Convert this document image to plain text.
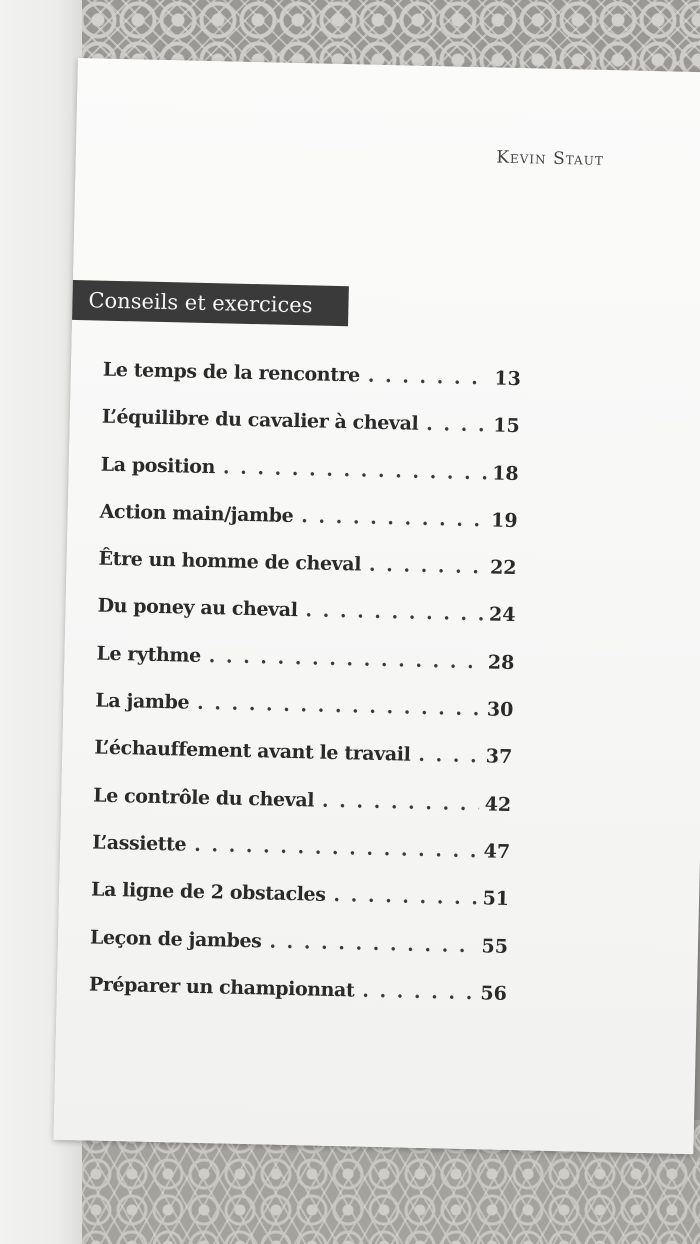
Kevin Staut
Conseils et exercices
Le temps de la rencontre . . .	13
L’équilibre du cavalier à cheval . . .	15
La position . . .	18
Action main/jambe . . .	19
Être un homme de cheval . . .	22
Du poney au cheval . . .	24
Le rythme . . .	28
La jambe . . .	30
L’échauffement avant le travail . . .	37
Le contrôle du cheval . . .	42
L’assiette . . .	47
La ligne de 2 obstacles . . .	51
Leçon de jambes . . .	55
Préparer un championnat . . .	56
